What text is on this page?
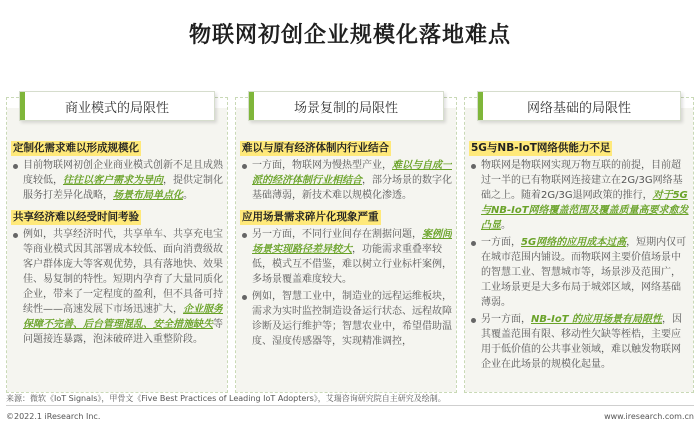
物联网初创企业规模化落地难点
商业模式的局限性
定制化需求难以形成规模化
目前物联网初创企业商业模式创新不足且成熟度较低，往往以客户需求为导向，提供定制化服务打差异化战略，场景布局单点化。
共享经济难以经受时间考验
例如，共享经济时代，共享单车、共享充电宝等商业模式因其部署成本较低、面向消费级故客户群体庞大等客观优势，具有落地快、效果佳、易复制的特性。短期内孕育了大量同质化企业，带来了一定程度的盈利，但不具备可持续性——高速发展下市场迅速扩大，企业服务保障不完善、后台管理混乱、安全措施缺失等问题接连暴露，泡沫破碎进入重整阶段。
场景复制的局限性
难以与原有经济体制内行业结合
一方面，物联网为慢热型产业，难以与自成一派的经济体制行业相结合，部分场景的数字化基础薄弱，新技术难以规模化渗透。
应用场景需求碎片化现象严重
另一方面，不同行业间存在割据问题，案例间场景实现路径差异较大，功能需求重叠率较低，模式互不借鉴，难以树立行业标杆案例，多场景覆盖难度较大。
例如，智慧工业中，制造业的远程运维板块，需求为实时监控制造设备运行状态、远程故障诊断及运行维护等；智慧农业中，希望借助温度、湿度传感器等，实现精准调控，
网络基础的局限性
5G与NB-IoT网络供能力不足
物联网是物联网实现万物互联的前提，目前超过一半的已有物联网连接建立在2G/3G网络基础之上。随着2G/3G退网政策的推行，对于5G与NB-IoT网络覆盖范围及覆盖质量高要求愈发凸显。
一方面，5G网络的应用成本过高，短期内仅可在城市范围内铺设。而物联网主要价值场景中的智慧工业、智慧城市等，场景涉及范围广，工业场景更是大多布局于城郊区域，网络基础薄弱。
另一方面，NB-IoT 的应用场景有局限性，因其覆盖范围有限、移动性欠缺等桎梏，主要应用于低价值的公共事业领域，难以触发物联网企业在此场景的规模化起量。
来源：微软《IoT Signals》，甲骨文《Five Best Practices of Leading IoT Adopters》，艾瑞咨询研究院自主研究及绘制。
©2022.1 iResearch Inc.	www.iresearch.com.cn
